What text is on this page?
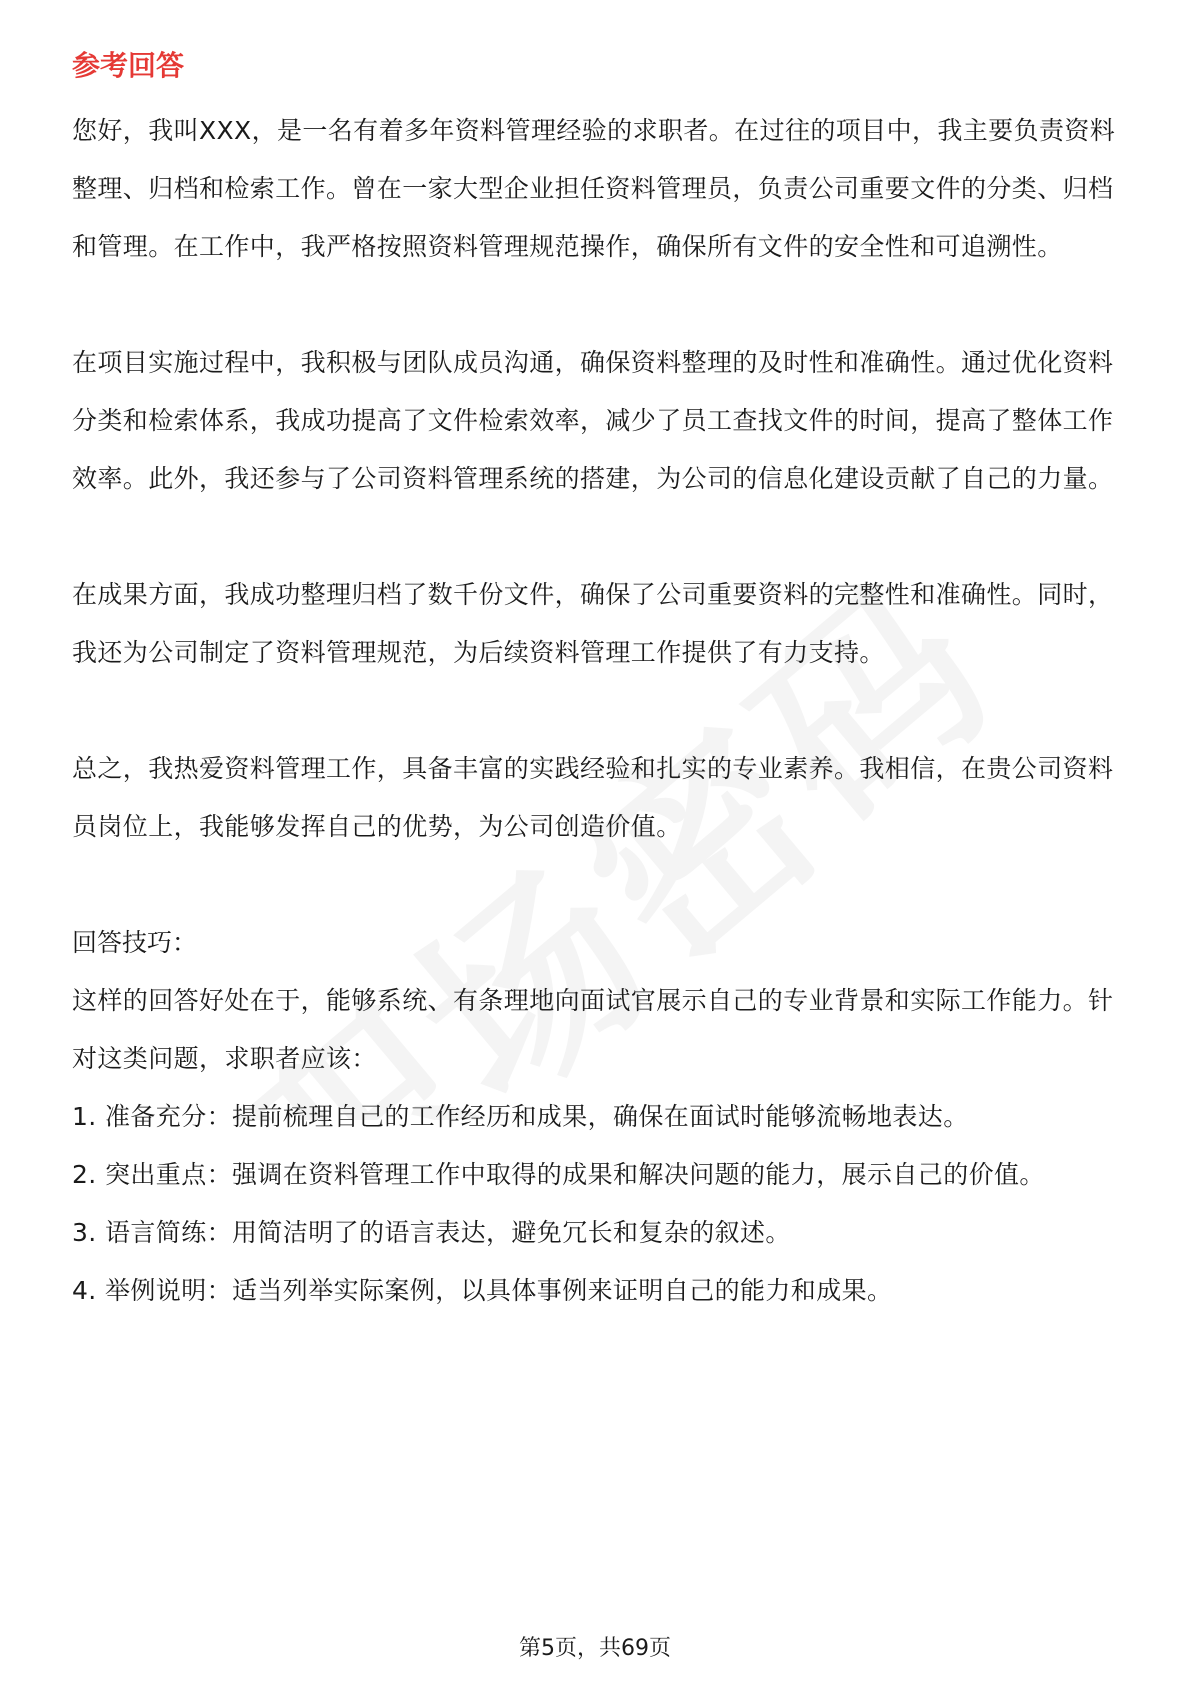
参考回答

您好，我叫XXX，是一名有着多年资料管理经验的求职者。在过往的项目中，我主要负责资料整理、归档和检索工作。曾在一家大型企业担任资料管理员，负责公司重要文件的分类、归档和管理。在工作中，我严格按照资料管理规范操作，确保所有文件的安全性和可追溯性。

在项目实施过程中，我积极与团队成员沟通，确保资料整理的及时性和准确性。通过优化资料分类和检索体系，我成功提高了文件检索效率，减少了员工查找文件的时间，提高了整体工作效率。此外，我还参与了公司资料管理系统的搭建，为公司的信息化建设贡献了自己的力量。

在成果方面，我成功整理归档了数千份文件，确保了公司重要资料的完整性和准确性。同时，我还为公司制定了资料管理规范，为后续资料管理工作提供了有力支持。

总之，我热爱资料管理工作，具备丰富的实践经验和扎实的专业素养。我相信，在贵公司资料员岗位上，我能够发挥自己的优势，为公司创造价值。

回答技巧：

这样的回答好处在于，能够系统、有条理地向面试官展示自己的专业背景和实际工作能力。针对这类问题，求职者应该：

1. 准备充分：提前梳理自己的工作经历和成果，确保在面试时能够流畅地表达。

2. 突出重点：强调在资料管理工作中取得的成果和解决问题的能力，展示自己的价值。

3. 语言简练：用简洁明了的语言表达，避免冗长和复杂的叙述。

4. 举例说明：适当列举实际案例，以具体事例来证明自己的能力和成果。

第5页，共69页
